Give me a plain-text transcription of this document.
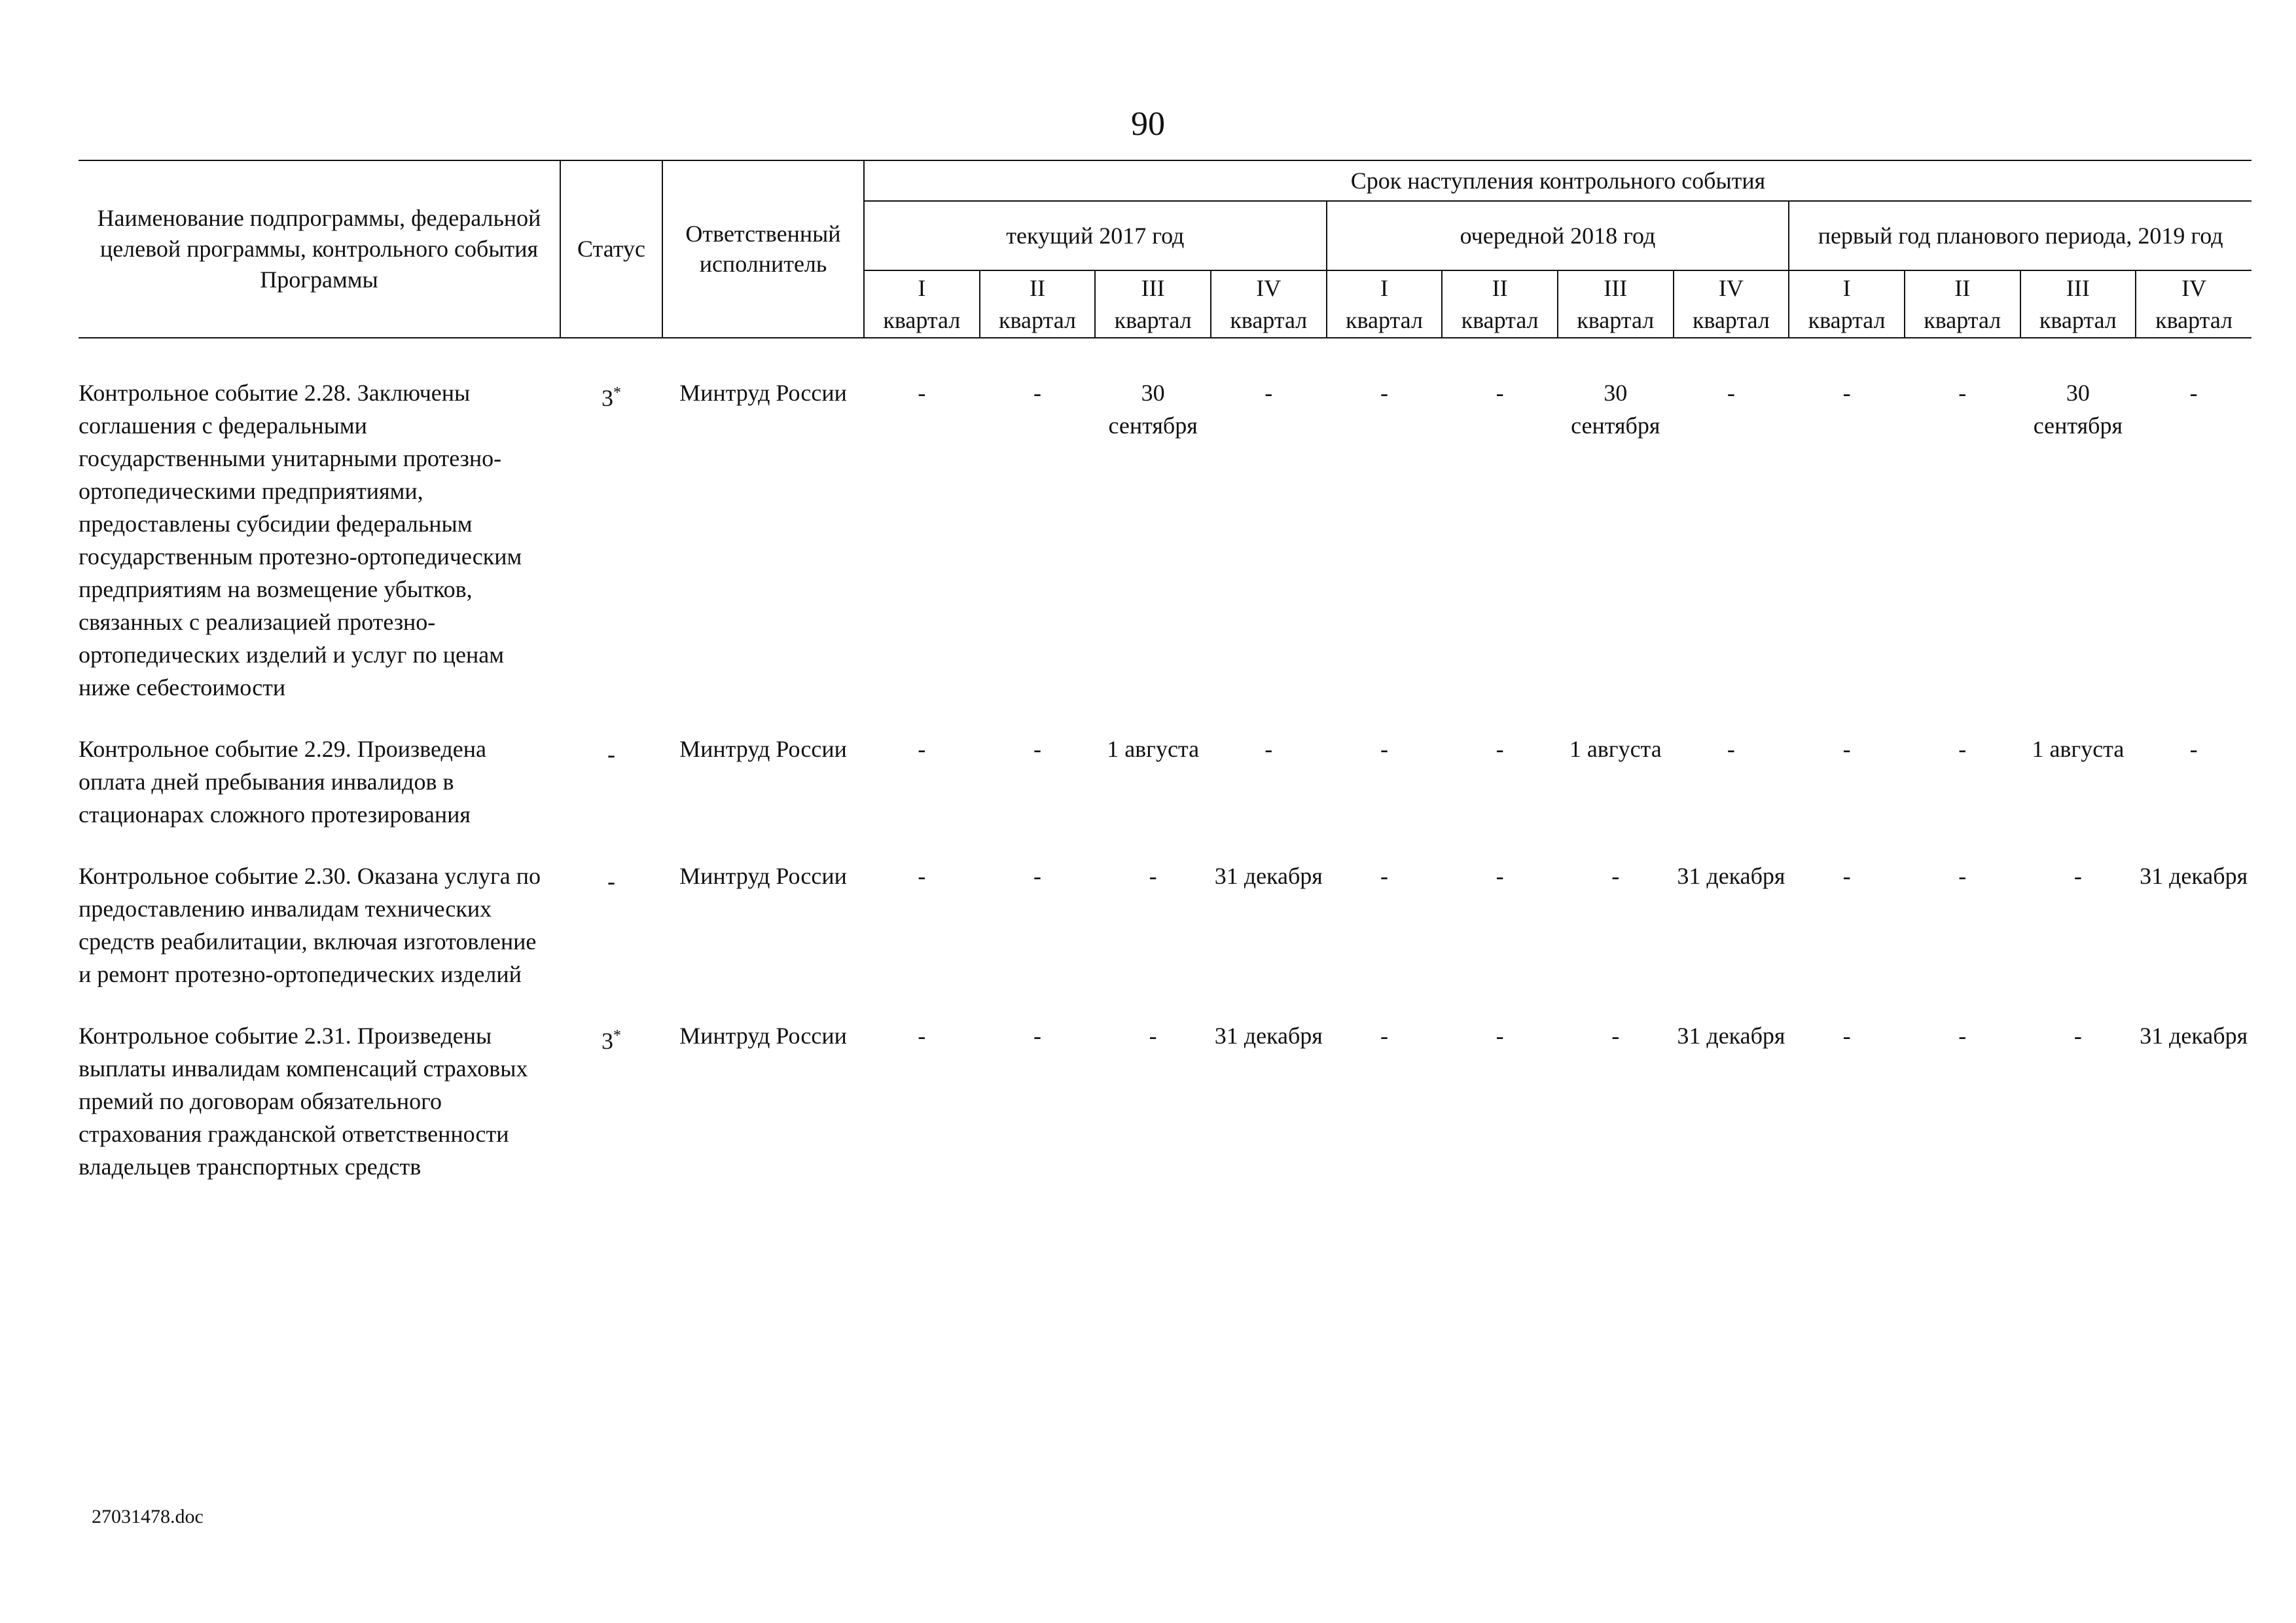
90
Наименование подпрограммы, федеральной целевой программы, контрольного события Программы	Статус	Ответственный исполнитель	Срок наступления контрольного события											
			текущий 2017 год				очередной 2018 год				первый год планового периода, 2019 год			
			I	II	III	IV	I	II	III	IV	I	II	III	IV
			квартал	квартал	квартал	квартал	квартал	квартал	квартал	квартал	квартал	квартал	квартал	квартал
Контрольное событие 2.28. Заключены соглашения с федеральными государственными унитарными протезно-ортопедическими предприятиями, предоставлены субсидии федеральным государственным протезно-ортопедическим предприятиям на возмещение убытков, связанных с реализацией протезно-ортопедических изделий и услуг по ценам ниже себестоимости	3*	Минтруд России	-	-	30 сентября	-	-	-	30 сентября	-	-	-	30 сентября	-
Контрольное событие 2.29. Произведена оплата дней пребывания инвалидов в стационарах сложного протезирования	-	Минтруд России	-	-	1 августа	-	-	-	1 августа	-	-	-	1 августа	-
Контрольное событие 2.30. Оказана услуга по предоставлению инвалидам технических средств реабилитации, включая изготовление и ремонт протезно-ортопедических изделий	-	Минтруд России	-	-	-	31 декабря	-	-	-	31 декабря	-	-	-	31 декабря
Контрольное событие 2.31. Произведены выплаты инвалидам компенсаций страховых премий по договорам обязательного страхования гражданской ответственности владельцев транспортных средств	3*	Минтруд России	-	-	-	31 декабря	-	-	-	31 декабря	-	-	-	31 декабря
27031478.doc
